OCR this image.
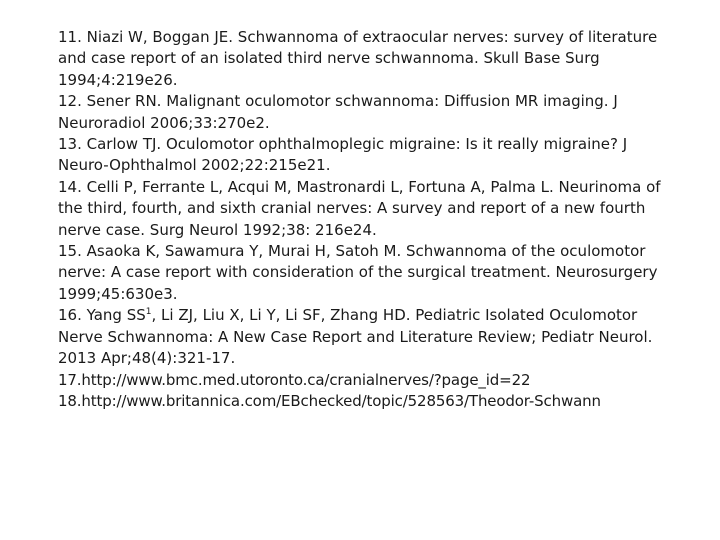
11. Niazi W, Boggan JE. Schwannoma of extraocular nerves: survey of literature and case report of an isolated third nerve schwannoma. Skull Base Surg 1994;4:219e26.

12. Sener RN. Malignant oculomotor schwannoma: Diffusion MR imaging. J Neuroradiol 2006;33:270e2.

13. Carlow TJ. Oculomotor ophthalmoplegic migraine: Is it really migraine? J Neuro-Ophthalmol 2002;22:215e21.

14. Celli P, Ferrante L, Acqui M, Mastronardi L, Fortuna A, Palma L. Neurinoma of the third, fourth, and sixth cranial nerves: A survey and report of a new fourth nerve case. Surg Neurol 1992;38: 216e24.

15. Asaoka K, Sawamura Y, Murai H, Satoh M. Schwannoma of the oculomotor nerve: A case report with consideration of the surgical treatment. Neurosurgery 1999;45:630e3.

16. Yang $SS^1$, Li ZJ, Liu X, Li Y, Li SF, Zhang HD. Pediatric Isolated Oculomotor Nerve Schwannoma: A New Case Report and Literature Review; Pediatr Neurol. 2013 Apr;48(4):321-17.

17.http://www.bmc.med.utoronto.ca/cranialnerves/?page_id=22

18.http://www.britannica.com/EBchecked/topic/528563/Theodor-Schwann
